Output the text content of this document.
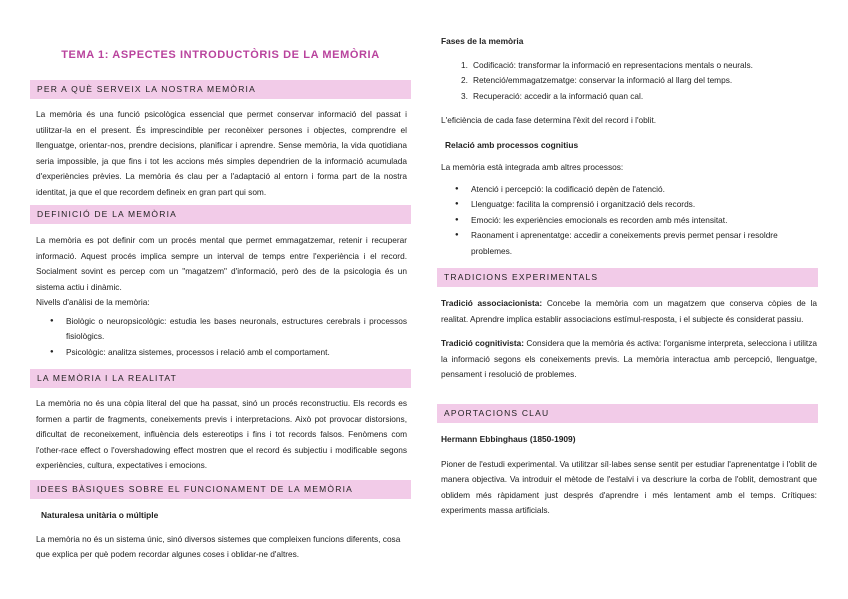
TEMA 1: ASPECTES INTRODUCTÒRIS DE LA MEMÒRIA
PER A QUÈ SERVEIX LA NOSTRA MEMÒRIA

La memòria és una funció psicològica essencial que permet conservar informació del passat i utilitzar-la en el present. És imprescindible per reconèixer persones i objectes, comprendre el llenguatge, orientar-nos, prendre decisions, planificar i aprendre. Sense memòria, la vida quotidiana seria impossible, ja que fins i tot les accions més simples dependrien de la informació acumulada d'experiències prèvies. La memòria és clau per a l'adaptació al entorn i forma part de la nostra identitat, ja que el que recordem defineix en gran part qui som.

DEFINICIÓ DE LA MEMÒRIA

La memòria es pot definir com un procés mental que permet emmagatzemar, retenir i recuperar informació. Aquest procés implica sempre un interval de temps entre l'experiència i el record. Socialment sovint es percep com un "magatzem" d'informació, però des de la psicologia és un sistema actiu i dinàmic.

Nivells d'anàlisi de la memòria:

● Biològic o neuropsicològic: estudia les bases neuronals, estructures cerebrals i processos fisiològics.
● Psicològic: analitza sistemes, processos i relació amb el comportament.
LA MEMÒRIA I LA REALITAT

La memòria no és una còpia literal del que ha passat, sinó un procés reconstructiu. Els records es formen a partir de fragments, coneixements previs i interpretacions. Això pot provocar distorsions, dificultat de reconeixement, influència dels estereotips i fins i tot records falsos. Fenòmens com l'other-race effect o l'overshadowing effect mostren que el record és subjectiu i modificable segons experiències, cultura, expectatives i emocions.

IDEES BÀSIQUES SOBRE EL FUNCIONAMENT DE LA MEMÒRIA

Naturalesa unitària o múltiple

La memòria no és un sistema únic, sinó diversos sistemes que compleixen funcions diferents, cosa que explica per què podem recordar algunes coses i oblidar-ne d'altres.

Fases de la memòria

1. Codificació: transformar la informació en representacions mentals o neurals.
2. Retenció/emmagatzematge: conservar la informació al llarg del temps.
3. Recuperació: accedir a la informació quan cal.

L'eficiència de cada fase determina l'èxit del record i l'oblit.

Relació amb processos cognitius

La memòria està integrada amb altres processos:

● Atenció i percepció: la codificació depèn de l'atenció.
● Llenguatge: facilita la comprensió i organització dels records.
● Emoció: les experiències emocionals es recorden amb més intensitat.
● Raonament i aprenentatge: accedir a coneixements previs permet pensar i resoldre problemes.
TRADICIONS EXPERIMENTALS

Tradició associacionista: Concebe la memòria com un magatzem que conserva còpies de la realitat. Aprendre implica establir associacions estímul-resposta, i el subjecte és considerat passiu.

Tradició cognitivista: Considera que la memòria és activa: l'organisme interpreta, selecciona i utilitza la informació segons els coneixements previs. La memòria interactua amb percepció, llenguatge, pensament i resolució de problemes.

APORTACIONS CLAU

Hermann Ebbinghaus (1850-1909)

Pioner de l'estudi experimental. Va utilitzar síl·labes sense sentit per estudiar l'aprenentatge i l'oblit de manera objectiva. Va introduir el mètode de l'estalvi i va descriure la corba de l'oblit, demostrant que oblidem més ràpidament just després d'aprendre i més lentament amb el temps. Crítiques: experiments massa artificials.
